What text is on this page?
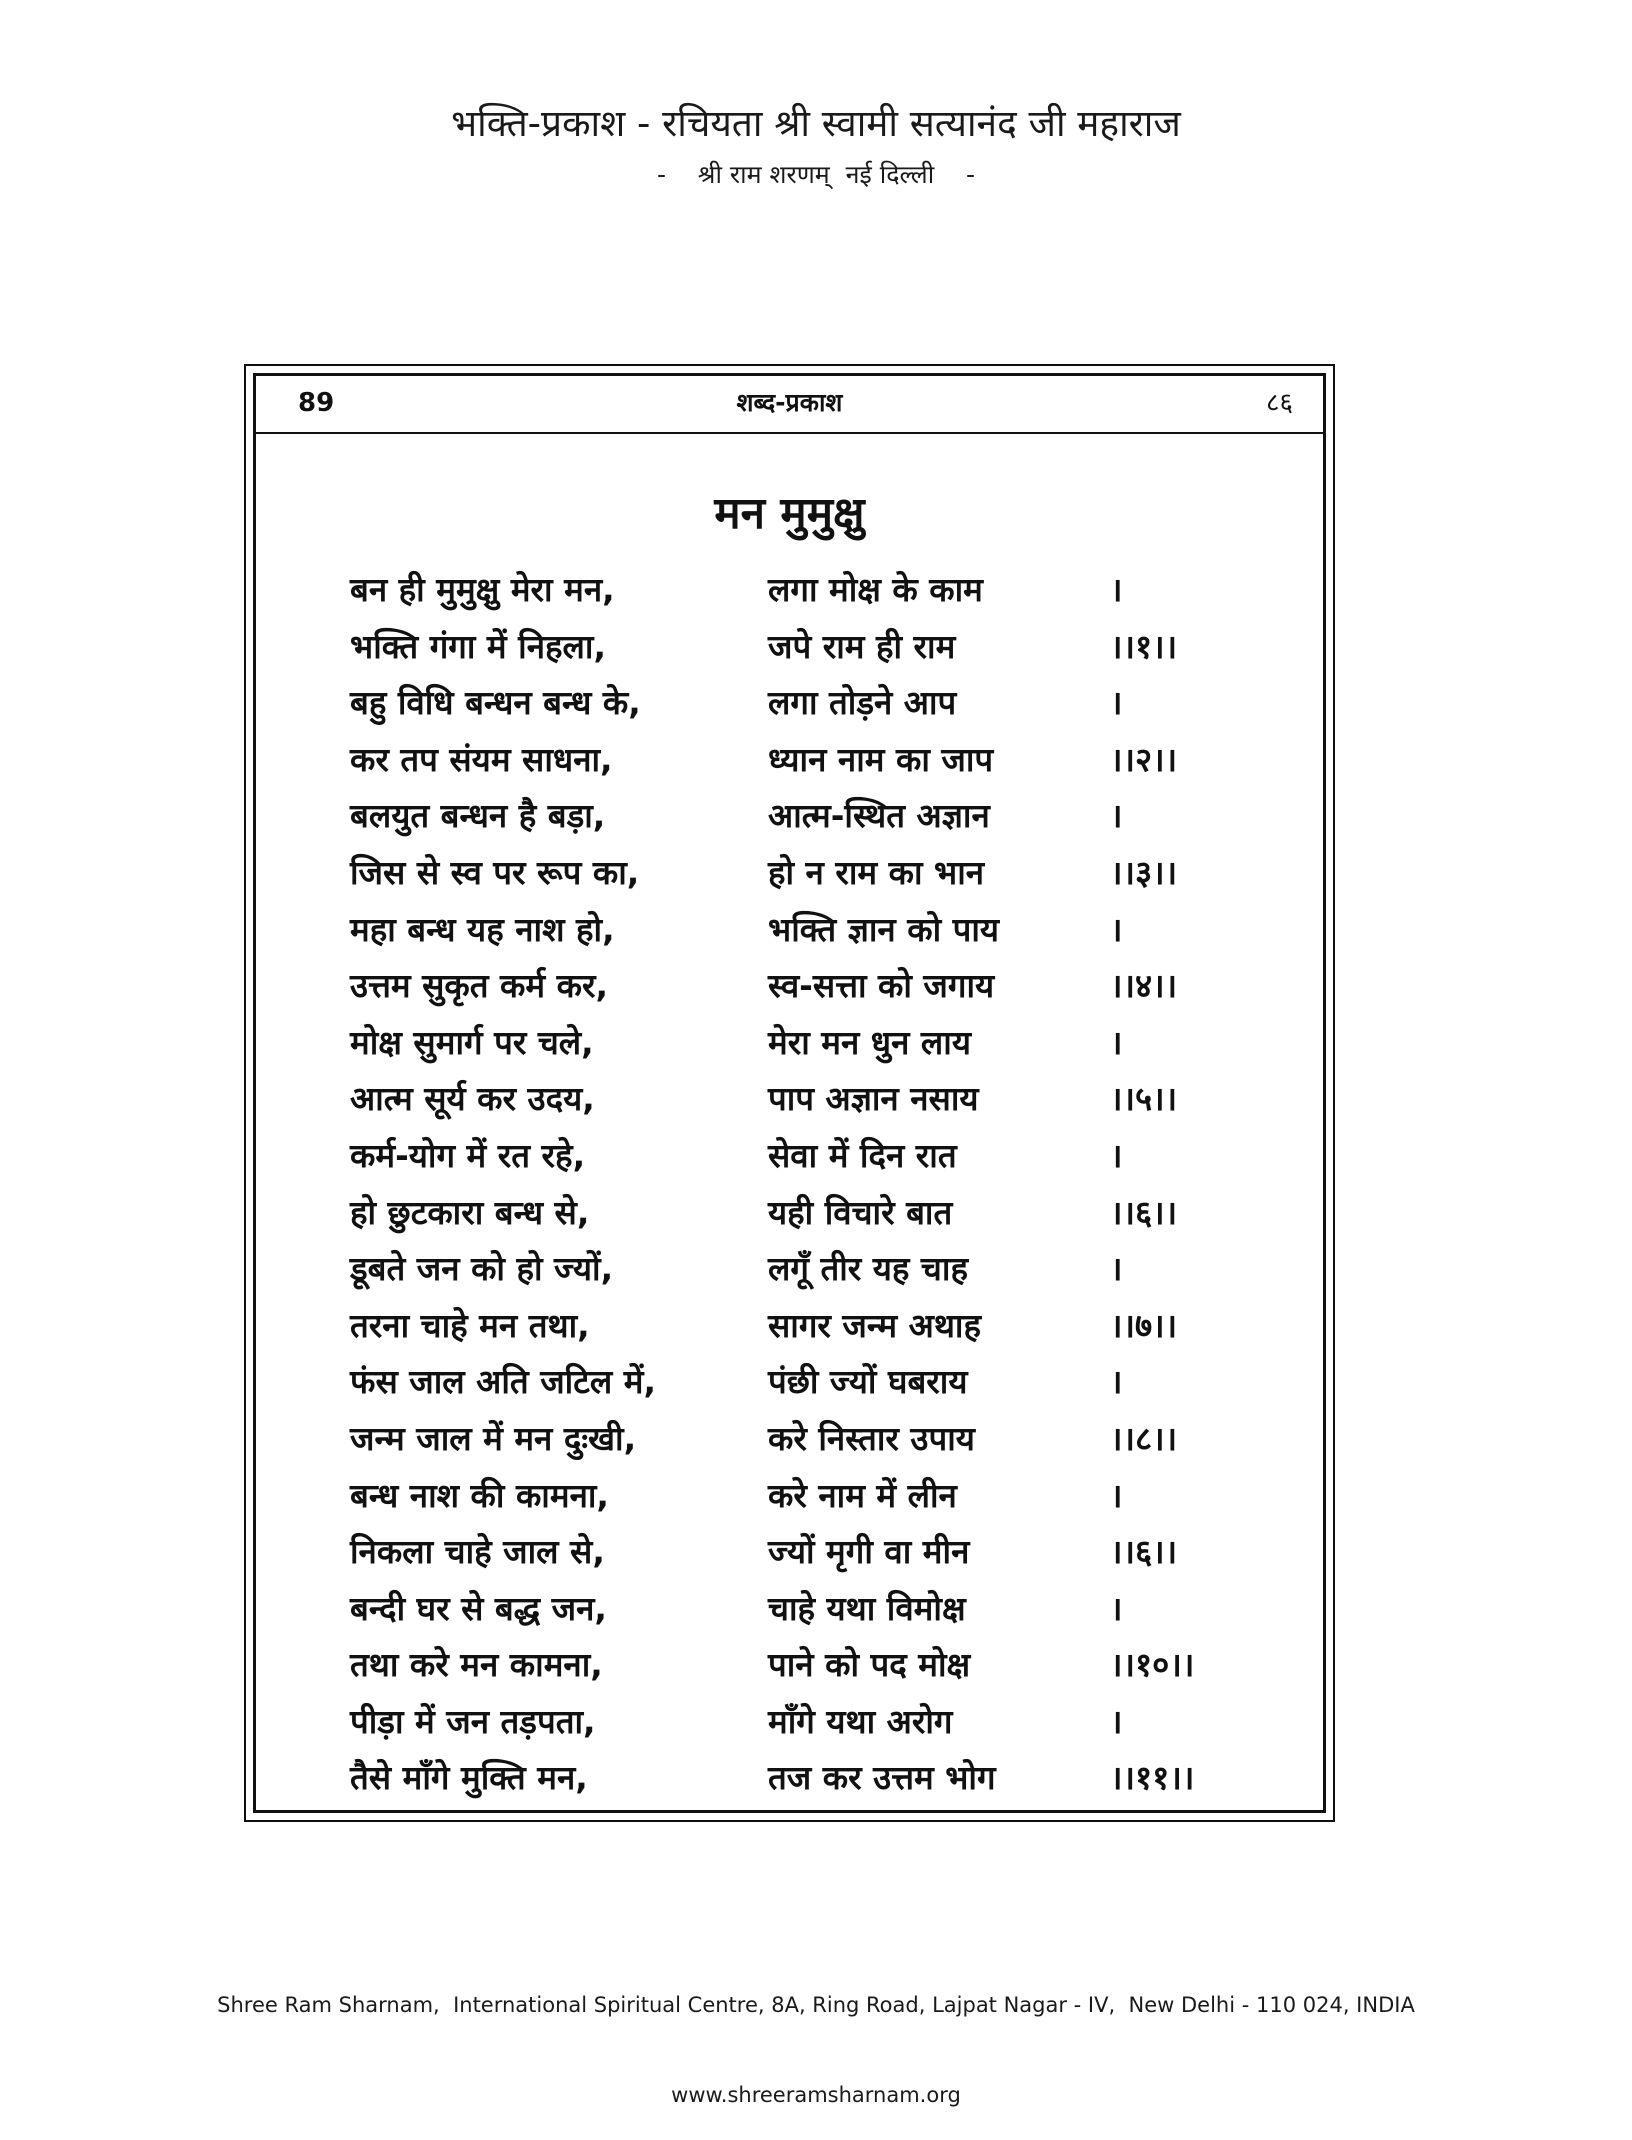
भक्ति-प्रकाश - रचियता श्री स्वामी सत्यानंद जी महाराज
-    श्री राम शरणम्  नई दिल्ली    -
89	शब्द-प्रकाश	८६
मन मुमुक्षु
बन ही मुमुक्षु मेरा मन,	लगा मोक्ष के काम	।
भक्ति गंगा में निहला,	जपे राम ही राम	।।१।।
बहु विधि बन्धन बन्ध के,	लगा तोड़ने आप	।
कर तप संयम साधना,	ध्यान नाम का जाप	।।२।।
बलयुत बन्धन है बड़ा,	आत्म-स्थित अज्ञान	।
जिस से स्व पर रूप का,	हो न राम का भान	।।३।।
महा बन्ध यह नाश हो,	भक्ति ज्ञान को पाय	।
उत्तम सुकृत कर्म कर,	स्व-सत्ता को जगाय	।।४।।
मोक्ष सुमार्ग पर चले,	मेरा मन धुन लाय	।
आत्म सूर्य कर उदय,	पाप अज्ञान नसाय	।।५।।
कर्म-योग में रत रहे,	सेवा में दिन रात	।
हो छुटकारा बन्ध से,	यही विचारे बात	।।६।।
डूबते जन को हो ज्यों,	लगूँ तीर यह चाह	।
तरना चाहे मन तथा,	सागर जन्म अथाह	।।७।।
फंस जाल अति जटिल में,	पंछी ज्यों घबराय	।
जन्म जाल में मन दुःखी,	करे निस्तार उपाय	।।८।।
बन्ध नाश की कामना,	करे नाम में लीन	।
निकला चाहे जाल से,	ज्यों मृगी वा मीन	।।६।।
बन्दी घर से बद्ध जन,	चाहे यथा विमोक्ष	।
तथा करे मन कामना,	पाने को पद मोक्ष	।।१०।।
पीड़ा में जन तड़पता,	माँगे यथा अरोग	।
तैसे माँगे मुक्ति मन,	तज कर उत्तम भोग	।।११।।

Shree Ram Sharnam,  International Spiritual Centre, 8A, Ring Road, Lajpat Nagar - IV,  New Delhi - 110 024, INDIA

www.shreeramsharnam.org
